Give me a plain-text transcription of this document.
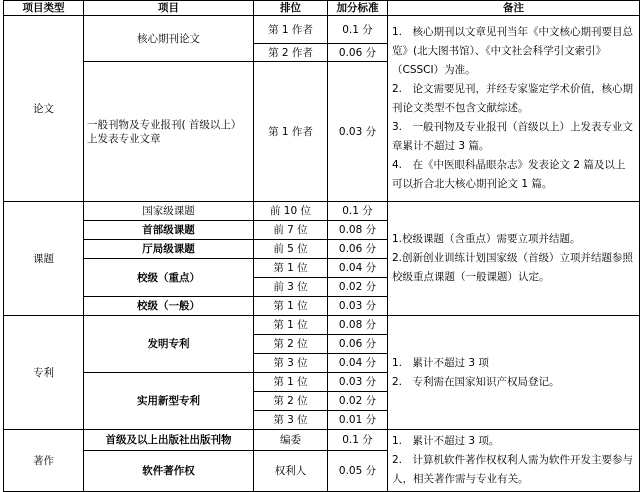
项目类型	项目	排位	加分标准	备注
论文	核心期刊论文	第 1 作者	0.1 分	1.　核心期刊以文章见刊当年《中文核心期刊要目总览》(北大图书馆）、《中文社会科学引文索引》（CSSCI）为准。

2.　论文需要见刊，并经专家鉴定学术价值，核心期刊论文类型不包含文献综述。

3.　一般刊物及专业报刊（首级以上）上发表专业文章累计不超过 3 篇。

4.　在《中医眼科晶眼杂志》发表论文 2 篇及以上可以折合北大核心期刊论文 1 篇。

		第 2 作者	0.06 分	
	一般刊物及专业报刊( 首级以上）上发表专业文章	第 1 作者	0.03 分	
课题	国家级课题	前 10 位	0.1 分	1.校级课题（含重点）需要立项并结题。

2.创新创业训练计划国家级（首级）立项并结题参照校级重点课题（一般课题）认定。

	首部级课题	前 7 位	0.08 分	
	厅局级课题	前 5 位	0.06 分	
	校级（重点）	第 1 位	0.04 分	
		前 3 位	0.02 分	
	校级（一般）	第 1 位	0.03 分	

专利	发明专利	第 1 位	0.08 分	1.　累计不超过 3 项

2.　专利需在国家知识产权局登记。

		第 2 位	0.06 分	
		第 3 位	0.04 分	
	实用新型专利	第 1 位	0.03 分	
		第 2 位	0.02 分	
		第 3 位	0.01 分	
著作	首级及以上出版社出版刊物	编委	0.1 分	1.　累计不超过 3 项。

2.　计算机软件著作权权利人需为软件开发主要参与人，相关著作需与专业有关。

	软件著作权	权利人	0.05 分	
